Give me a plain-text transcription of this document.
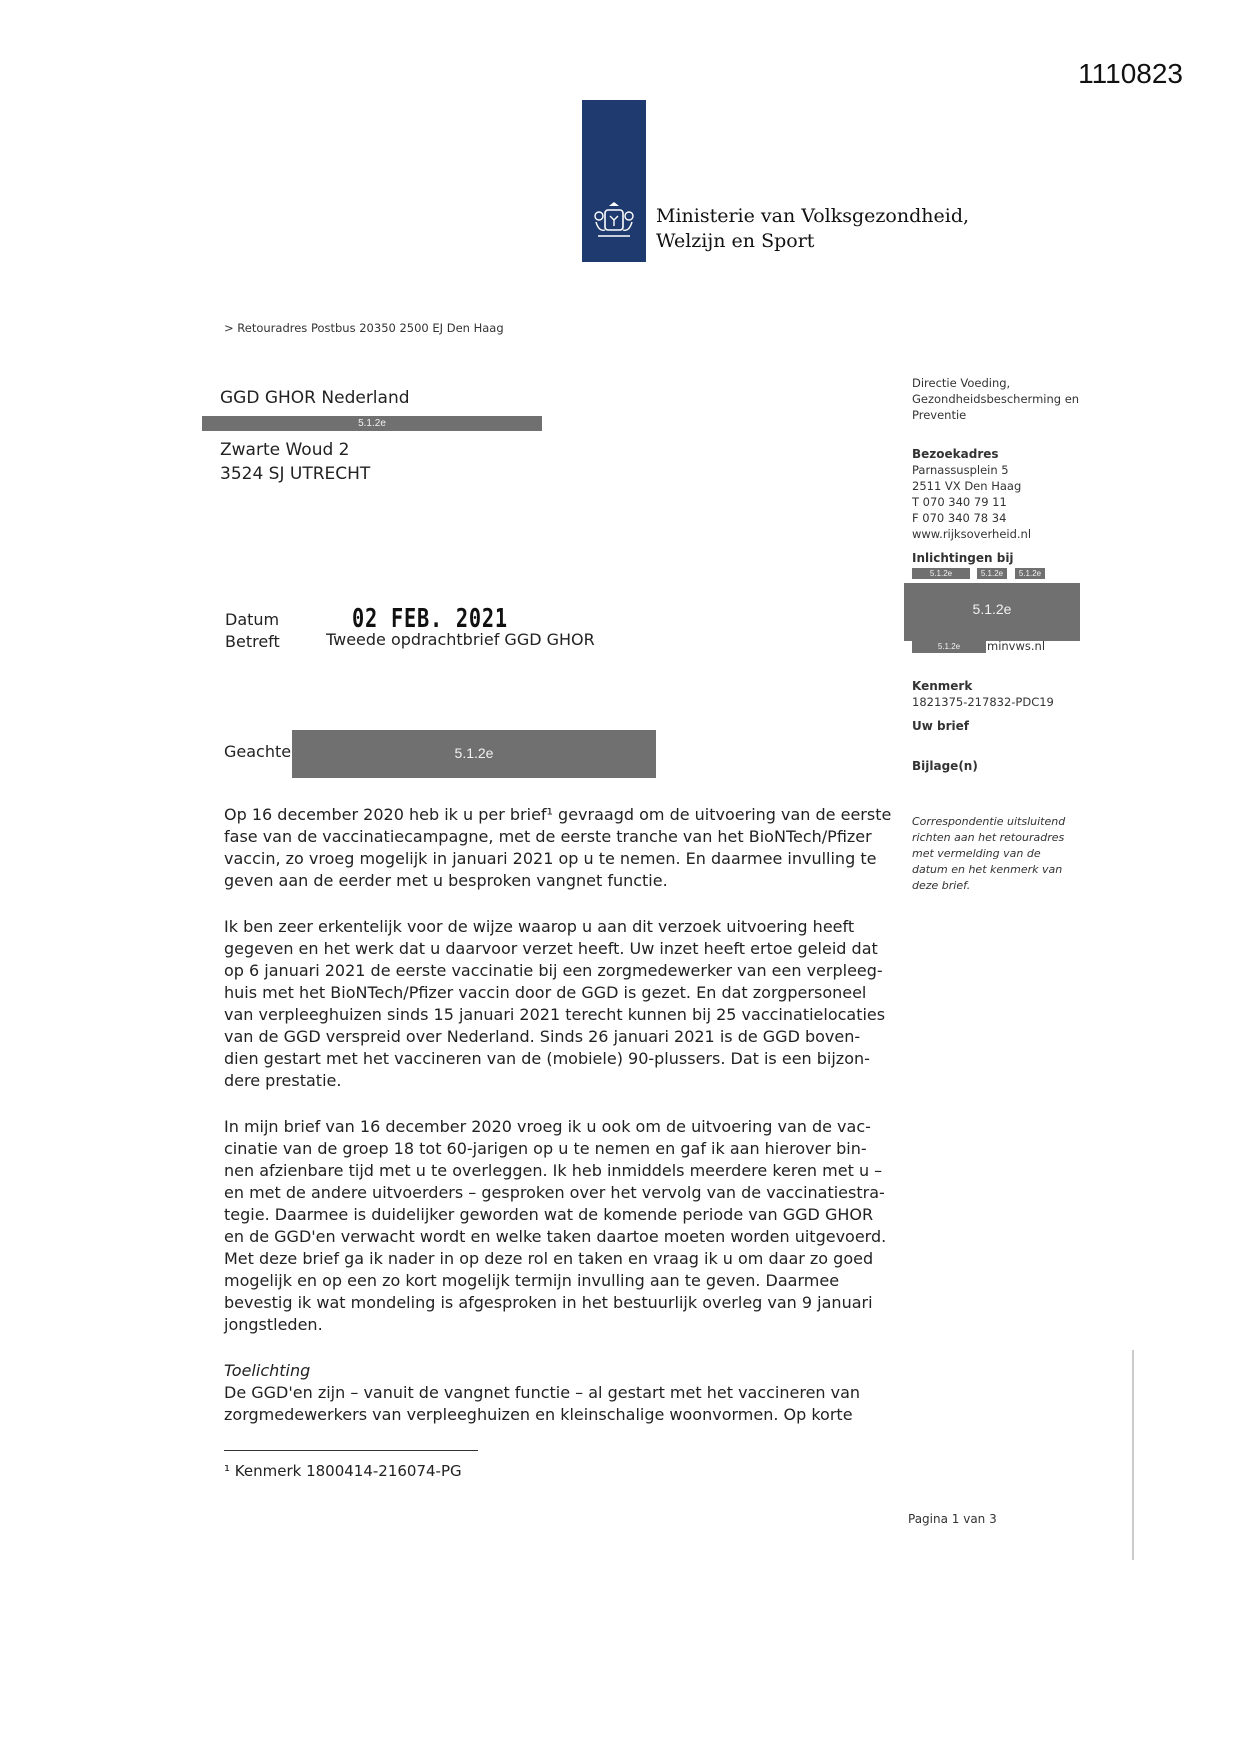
1110823
Ministerie van Volksgezondheid,
Welzijn en Sport
> Retouradres Postbus 20350 2500 EJ Den Haag
GGD GHOR Nederland
5.1.2e
Zwarte Woud 2
3524 SJ UTRECHT
Directie Voeding,
Gezondheidsbescherming en
Preventie
Bezoekadres
Parnassusplein 5
2511 VX Den Haag
T 070 340 79 11
F 070 340 78 34
www.rijksoverheid.nl
Inlichtingen bij
5.1.2e	5.1.2e	5.1.2e
5.1.2e
5.1.2e	minvws.nl
Kenmerk
1821375-217832-PDC19
Uw brief
Bijlage(n)
Correspondentie uitsluitend
richten aan het retouradres
met vermelding van de
datum en het kenmerk van
deze brief.
Datum	02 FEB. 2021
Betreft	Tweede opdrachtbrief GGD GHOR
Geachte	5.1.2e
Op 16 december 2020 heb ik u per brief¹ gevraagd om de uitvoering van de eerste
fase van de vaccinatiecampagne, met de eerste tranche van het BioNTech/Pfizer
vaccin, zo vroeg mogelijk in januari 2021 op u te nemen. En daarmee invulling te
geven aan de eerder met u besproken vangnet functie.
Ik ben zeer erkentelijk voor de wijze waarop u aan dit verzoek uitvoering heeft
gegeven en het werk dat u daarvoor verzet heeft. Uw inzet heeft ertoe geleid dat
op 6 januari 2021 de eerste vaccinatie bij een zorgmedewerker van een verpleeg-
huis met het BioNTech/Pfizer vaccin door de GGD is gezet. En dat zorgpersoneel
van verpleeghuizen sinds 15 januari 2021 terecht kunnen bij 25 vaccinatielocaties
van de GGD verspreid over Nederland. Sinds 26 januari 2021 is de GGD boven-
dien gestart met het vaccineren van de (mobiele) 90-plussers. Dat is een bijzon-
dere prestatie.
In mijn brief van 16 december 2020 vroeg ik u ook om de uitvoering van de vac-
cinatie van de groep 18 tot 60-jarigen op u te nemen en gaf ik aan hierover bin-
nen afzienbare tijd met u te overleggen. Ik heb inmiddels meerdere keren met u –
en met de andere uitvoerders – gesproken over het vervolg van de vaccinatiestra-
tegie. Daarmee is duidelijker geworden wat de komende periode van GGD GHOR
en de GGD'en verwacht wordt en welke taken daartoe moeten worden uitgevoerd.
Met deze brief ga ik nader in op deze rol en taken en vraag ik u om daar zo goed
mogelijk en op een zo kort mogelijk termijn invulling aan te geven. Daarmee
bevestig ik wat mondeling is afgesproken in het bestuurlijk overleg van 9 januari
jongstleden.
Toelichting
De GGD'en zijn – vanuit de vangnet functie – al gestart met het vaccineren van
zorgmedewerkers van verpleeghuizen en kleinschalige woonvormen. Op korte
¹ Kenmerk 1800414-216074-PG
Pagina 1 van 3
